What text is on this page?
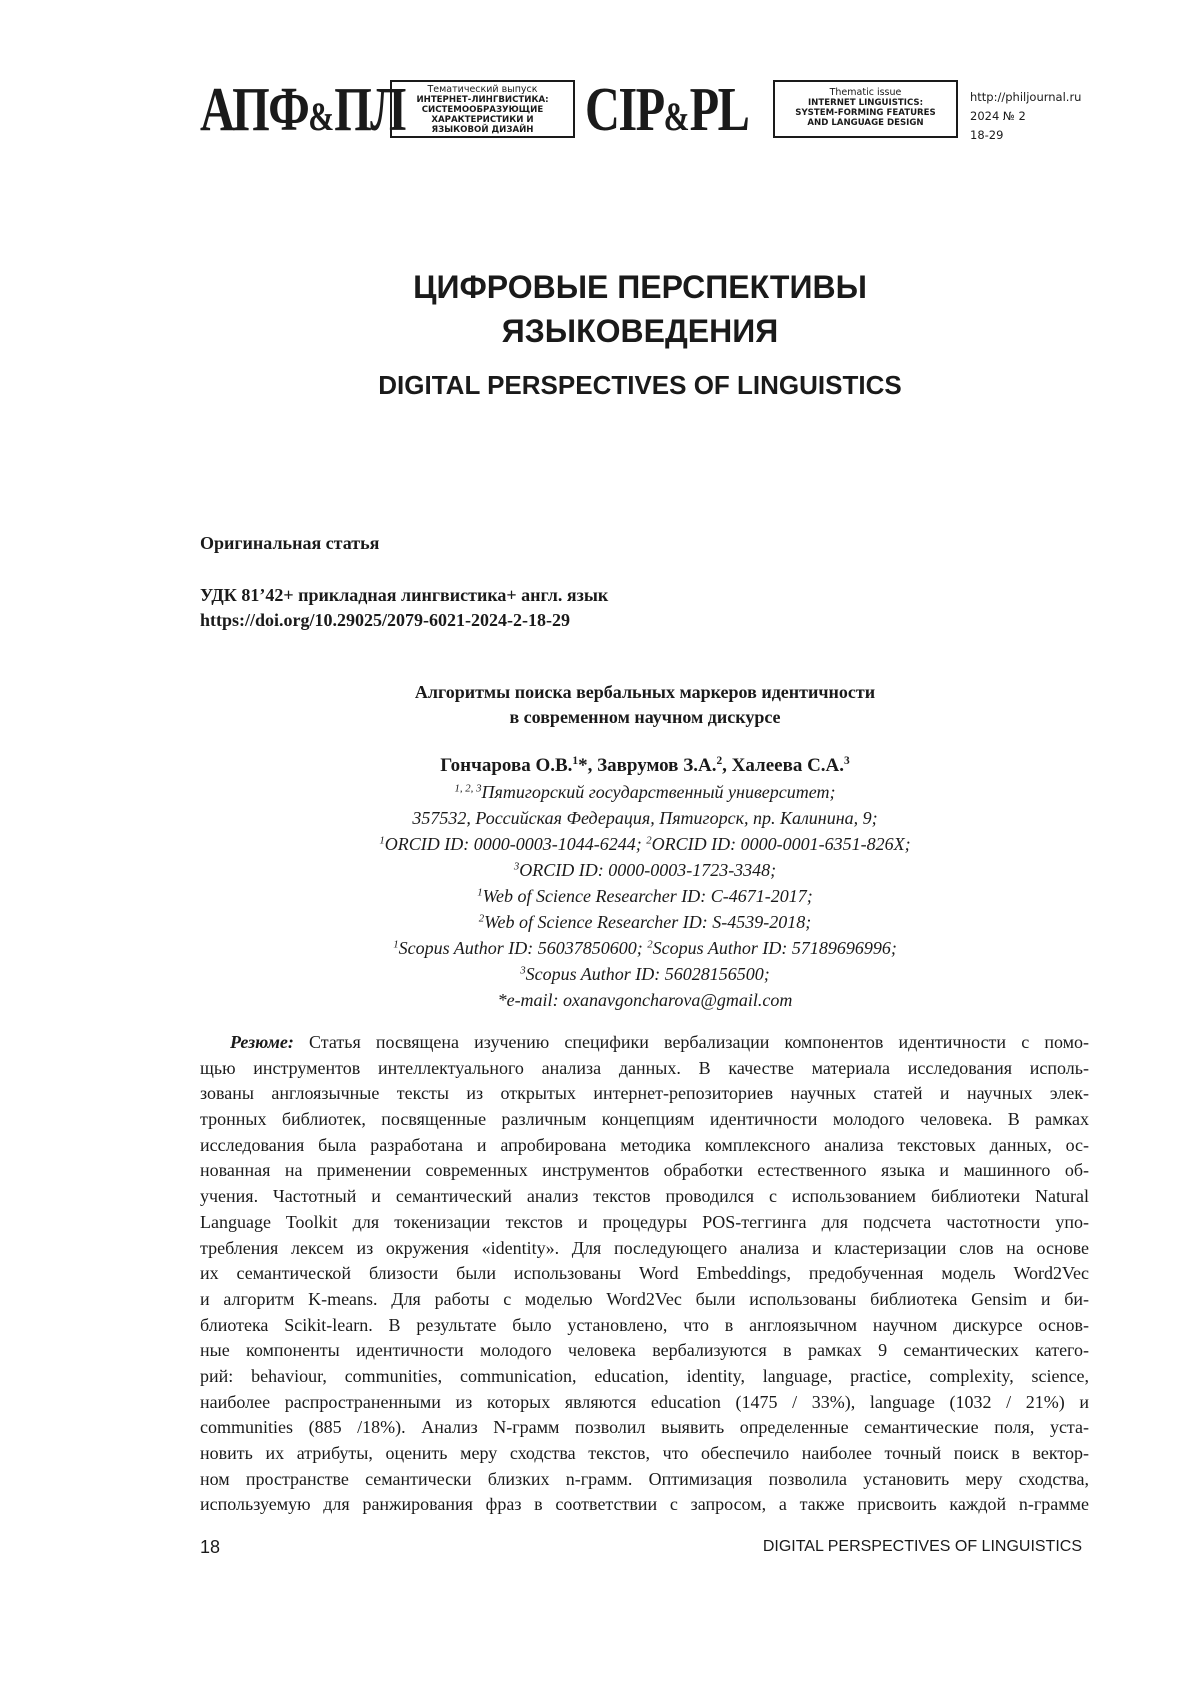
АПФ&ПЛ	Тематический выпуск
ИНТЕРНЕТ-ЛИНГВИСТИКА:
СИСТЕМООБРАЗУЮЩИЕ
ХАРАКТЕРИСТИКИ И
ЯЗЫКОВОЙ ДИЗАЙН CIP&PL	Thematic issue
INTERNET LINGUISTICS:
SYSTEM-FORMING FEATURES
AND LANGUAGE DESIGN
http://philjournal.ru
2024 № 2
18-29
ЦИФРОВЫЕ ПЕРСПЕКТИВЫ
ЯЗЫКОВЕДЕНИЯ
DIGITAL PERSPECTIVES OF LINGUISTICS
Оригинальная статья
УДК 81’42+ прикладная лингвистика+ англ. язык
https://doi.org/10.29025/2079-6021-2024-2-18-29
Алгоритмы поиска вербальных маркеров идентичности
в современном научном дискурсе
Гончарова О.В.$^1$*, Заврумов З.А.$^2$, Халеева С.А.$^3$
$^{1, 2, 3}$Пятигорский государственный университет;
357532, Российская Федерация, Пятигорск, пр. Калинина, 9;
$^1$ORCID ID: 0000-0003-1044-6244; $^2$ORCID ID: 0000-0001-6351-826X;
$^3$ORCID ID: 0000-0003-1723-3348;
$^1$Web of Science Researcher ID: C-4671-2017;
$^2$Web of Science Researcher ID: S-4539-2018;
$^1$Scopus Author ID: 56037850600; $^2$Scopus Author ID: 57189696996;
$^3$Scopus Author ID: 56028156500;
*e-mail: oxanavgoncharova@gmail.com
Резюме: Статья посвящена изучению специфики вербализации компонентов идентичности с помо-
щью инструментов интеллектуального анализа данных. В качестве материала исследования исполь-
зованы англоязычные тексты из открытых интернет-репозиториев научных статей и научных элек-
тронных библиотек, посвященные различным концепциям идентичности молодого человека. В рамках
исследования была разработана и апробирована методика комплексного анализа текстовых данных, ос-
нованная на применении современных инструментов обработки естественного языка и машинного об-
учения. Частотный и семантический анализ текстов проводился с использованием библиотеки Natural
Language Toolkit для токенизации текстов и процедуры POS-теггинга для подсчета частотности упо-
требления лексем из окружения «identity». Для последующего анализа и кластеризации слов на основе
их семантической близости были использованы Word Embeddings, предобученная модель Word2Vec
и алгоритм K-means. Для работы с моделью Word2Vec были использованы библиотека Gensim и би-
блиотека Scikit-learn. В результате было установлено, что в англоязычном научном дискурсе основ-
ные компоненты идентичности молодого человека вербализуются в рамках 9 семантических катего-
рий: behaviour, communities, communication, education, identity, language, practice, complexity, science,
наиболее распространенными из которых являются education (1475 / 33%), language (1032 / 21%) и
communities (885 /18%). Анализ N-грамм позволил выявить определенные семантические поля, уста-
новить их атрибуты, оценить меру сходства текстов, что обеспечило наиболее точный поиск в вектор-
ном пространстве семантически близких n-грамм. Оптимизация позволила установить меру сходства,
используемую для ранжирования фраз в соответствии с запросом, а также присвоить каждой n-грамме
18	DIGITAL PERSPECTIVES OF LINGUISTICS
